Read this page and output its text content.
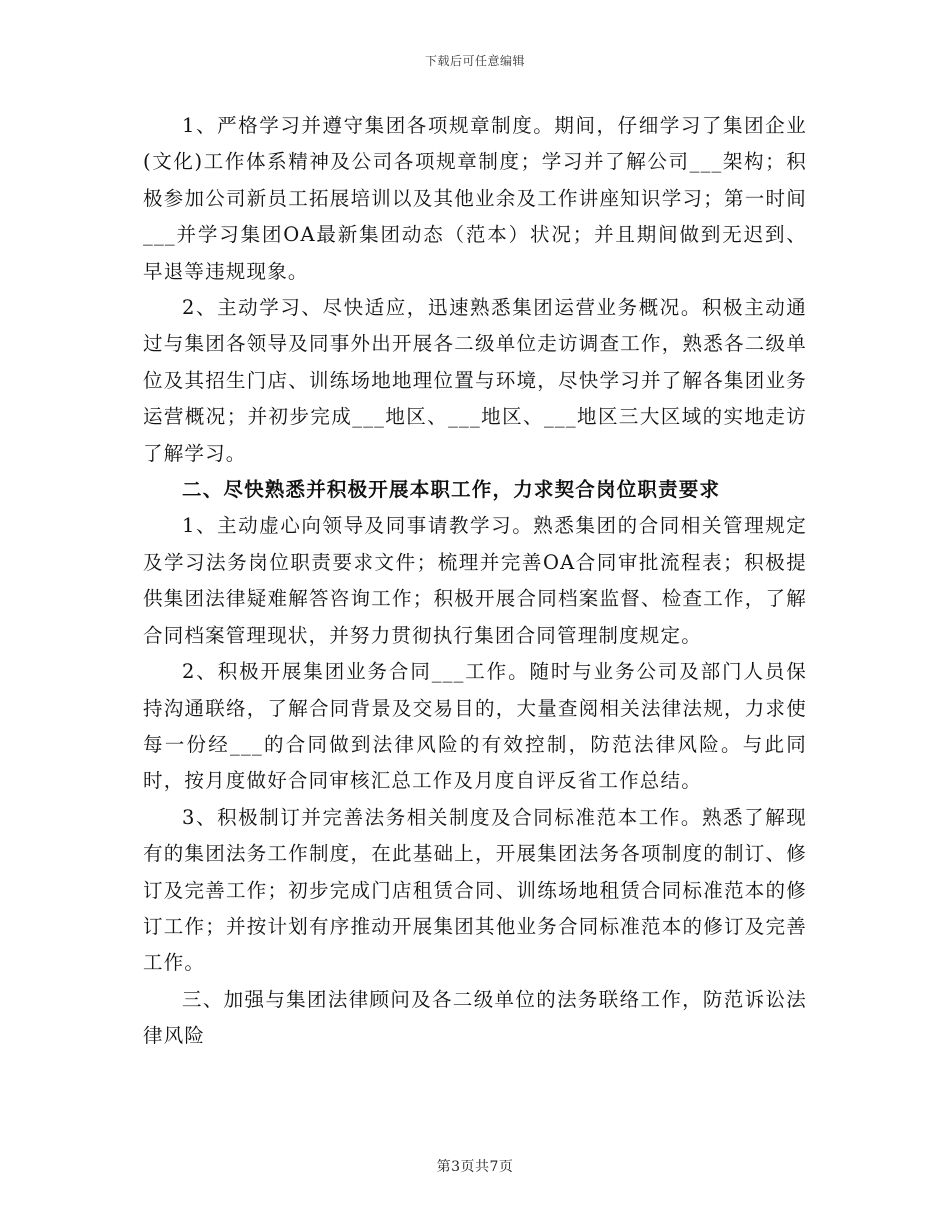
下载后可任意编辑

1、严格学习并遵守集团各项规章制度。期间，仔细学习了集团企业(文化)工作体系精神及公司各项规章制度；学习并了解公司___架构；积极参加公司新员工拓展培训以及其他业余及工作讲座知识学习；第一时间___并学习集团OA最新集团动态（范本）状况；并且期间做到无迟到、早退等违规现象。

2、主动学习、尽快适应，迅速熟悉集团运营业务概况。积极主动通过与集团各领导及同事外出开展各二级单位走访调查工作，熟悉各二级单位及其招生门店、训练场地地理位置与环境，尽快学习并了解各集团业务运营概况；并初步完成___地区、___地区、___地区三大区域的实地走访了解学习。

二、尽快熟悉并积极开展本职工作，力求契合岗位职责要求

1、主动虚心向领导及同事请教学习。熟悉集团的合同相关管理规定及学习法务岗位职责要求文件；梳理并完善OA合同审批流程表；积极提供集团法律疑难解答咨询工作；积极开展合同档案监督、检查工作，了解合同档案管理现状，并努力贯彻执行集团合同管理制度规定。

2、积极开展集团业务合同___工作。随时与业务公司及部门人员保持沟通联络，了解合同背景及交易目的，大量查阅相关法律法规，力求使每一份经___的合同做到法律风险的有效控制，防范法律风险。与此同时，按月度做好合同审核汇总工作及月度自评反省工作总结。

3、积极制订并完善法务相关制度及合同标准范本工作。熟悉了解现有的集团法务工作制度，在此基础上，开展集团法务各项制度的制订、修订及完善工作；初步完成门店租赁合同、训练场地租赁合同标准范本的修订工作；并按计划有序推动开展集团其他业务合同标准范本的修订及完善工作。

三、加强与集团法律顾问及各二级单位的法务联络工作，防范诉讼法律风险

第3页共7页
